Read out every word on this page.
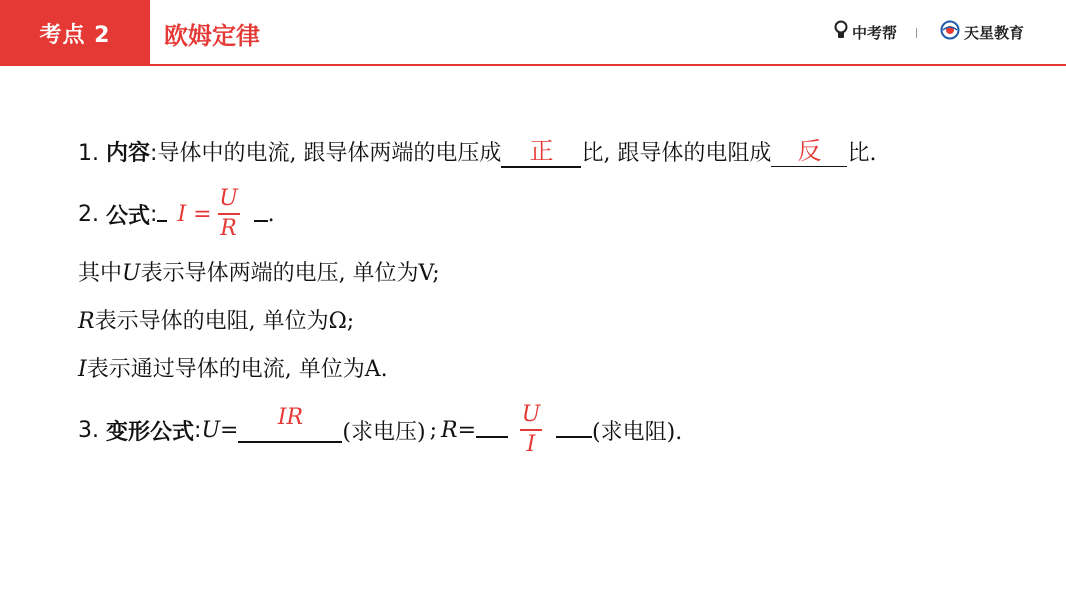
考点 2	欧姆定律	中考帮	天星教育
1. 内容:导体中的电流, 跟导体两端的电压成	正	比, 跟导体的电阻成	反	比.
2.
公式 : $I = \frac{U}{R}$ .
其中U表示导体两端的电压, 单位为V;
R表示导体的电阻, 单位为Ω;
I表示通过导体的电流, 单位为A.
3.
变形公式 : U =	IR
(求电压) ; $R = \frac{U}{I}$ (求电阻).
